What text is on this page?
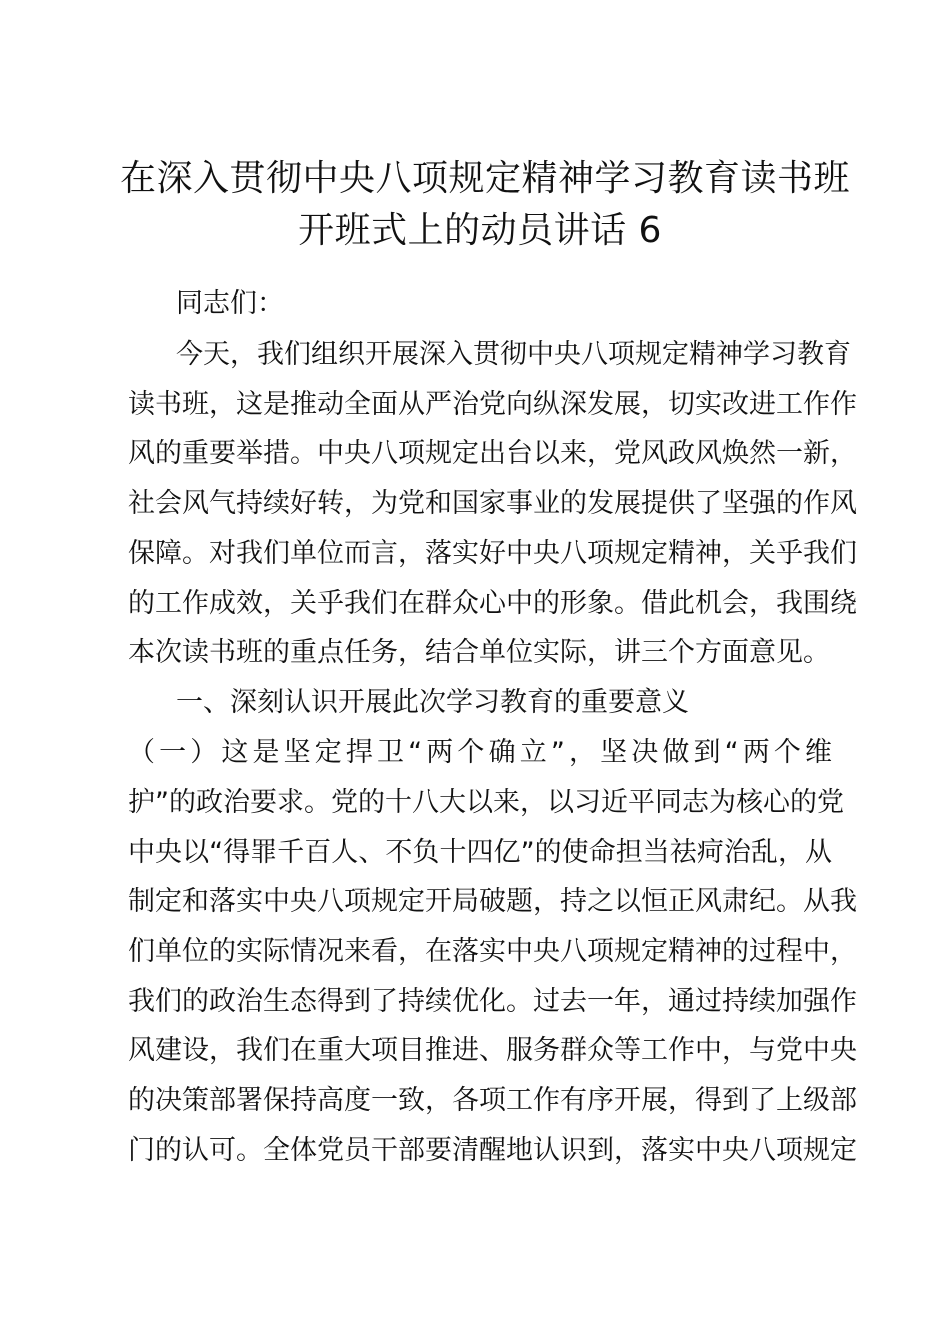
在深入贯彻中央八项规定精神学习教育读书班
开班式上的动员讲话 6
同志们：
今天，我们组织开展深入贯彻中央八项规定精神学习教育
读书班，这是推动全面从严治党向纵深发展，切实改进工作作
风的重要举措。中央八项规定出台以来，党风政风焕然一新，
社会风气持续好转，为党和国家事业的发展提供了坚强的作风
保障。对我们单位而言，落实好中央八项规定精神，关乎我们
的工作成效，关乎我们在群众心中的形象。借此机会，我围绕
本次读书班的重点任务，结合单位实际，讲三个方面意见。
一、深刻认识开展此次学习教育的重要意义
（一）这是坚定捍卫“两个确立”，坚决做到“两个维
护”的政治要求。党的十八大以来，以习近平同志为核心的党
中央以“得罪千百人、不负十四亿”的使命担当祛疴治乱，从
制定和落实中央八项规定开局破题，持之以恒正风肃纪。从我
们单位的实际情况来看，在落实中央八项规定精神的过程中，
我们的政治生态得到了持续优化。过去一年，通过持续加强作
风建设，我们在重大项目推进、服务群众等工作中，与党中央
的决策部署保持高度一致，各项工作有序开展，得到了上级部
门的认可。全体党员干部要清醒地认识到，落实中央八项规定
